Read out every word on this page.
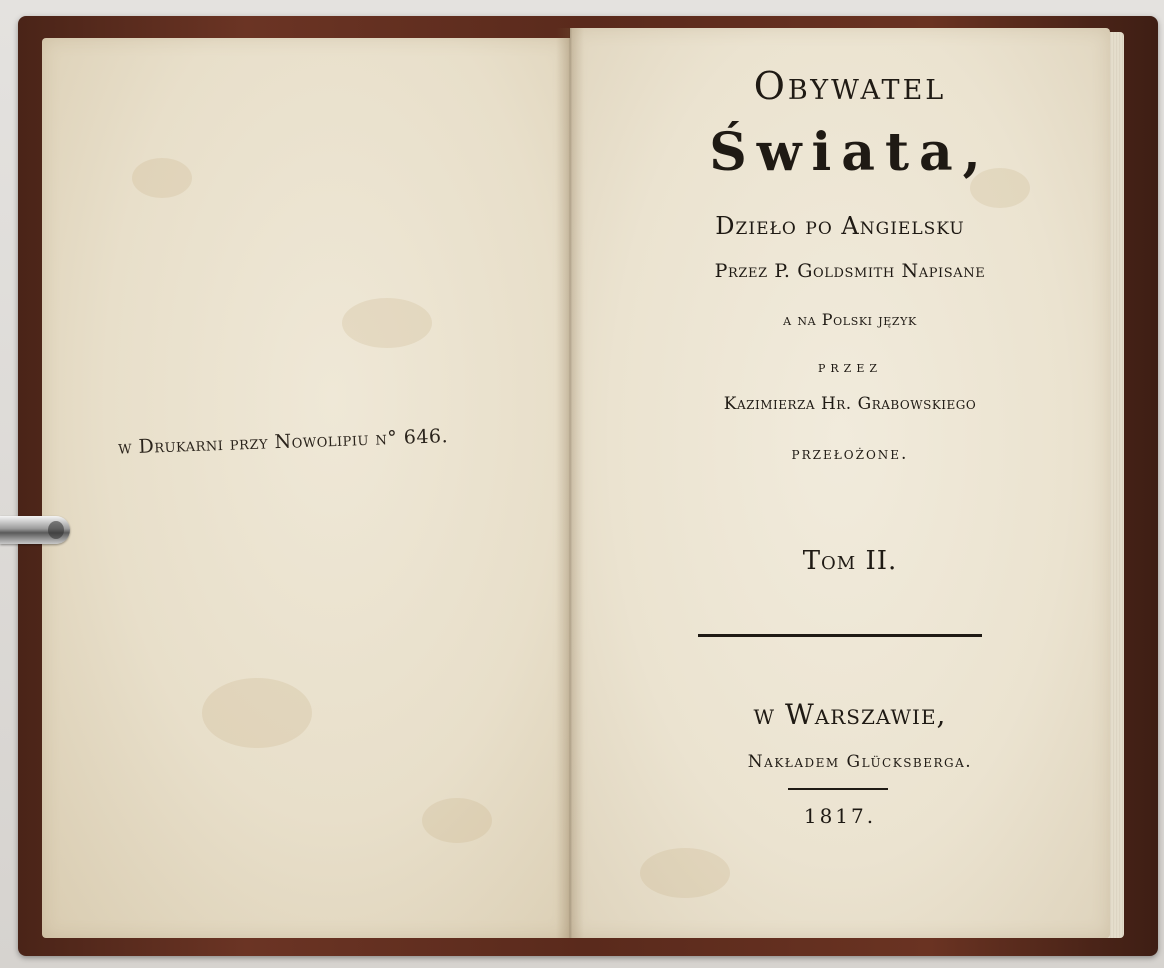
w Drukarni przy Nowolipiu n° 646.
Obywatel
Świata,
Dzieło po Angielsku
Przez P. Goldsmith Napisane
a na Polski język
przez
Kazimierza Hr. Grabowskiego
przełożone.
Tom II.
w Warszawie,
Nakładem Glücksberga.
1817.
